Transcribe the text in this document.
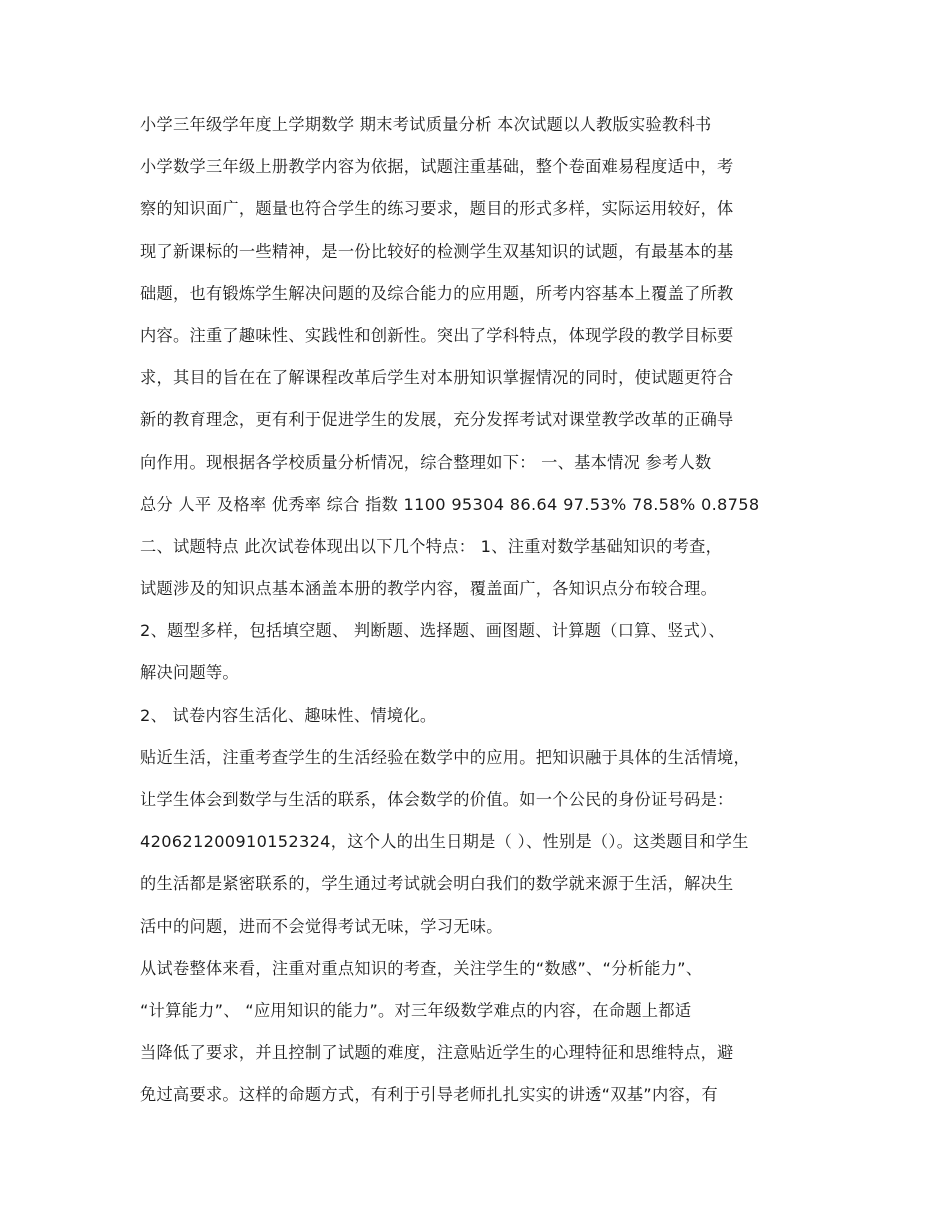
小学三年级学年度上学期数学 期末考试质量分析 本次试题以人教版实验教科书
小学数学三年级上册教学内容为依据，试题注重基础，整个卷面难易程度适中，考
察的知识面广，题量也符合学生的练习要求，题目的形式多样，实际运用较好，体
现了新课标的一些精神，是一份比较好的检测学生双基知识的试题，有最基本的基
础题，也有锻炼学生解决问题的及综合能力的应用题，所考内容基本上覆盖了所教
内容。注重了趣味性、实践性和创新性。突出了学科特点，体现学段的教学目标要
求，其目的旨在在了解课程改革后学生对本册知识掌握情况的同时，使试题更符合
新的教育理念，更有利于促进学生的发展，充分发挥考试对课堂教学改革的正确导
向作用。现根据各学校质量分析情况，综合整理如下： 一、基本情况 参考人数
总分 人平 及格率 优秀率 综合 指数 1100 95304 86.64 97.53% 78.58% 0.8758
二、试题特点 此次试卷体现出以下几个特点： 1、注重对数学基础知识的考查，
试题涉及的知识点基本涵盖本册的教学内容，覆盖面广，各知识点分布较合理。
2、题型多样，包括填空题、 判断题、选择题、画图题、计算题（口算、竖式）、
解决问题等。
2、 试卷内容生活化、趣味性、情境化。
贴近生活，注重考查学生的生活经验在数学中的应用。把知识融于具体的生活情境，
让学生体会到数学与生活的联系，体会数学的价值。如一个公民的身份证号码是：
420621200910152324，这个人的出生日期是（ ）、性别是（）。这类题目和学生
的生活都是紧密联系的，学生通过考试就会明白我们的数学就来源于生活，解决生
活中的问题，进而不会觉得考试无味，学习无味。
从试卷整体来看，注重对重点知识的考查，关注学生的“数感”、“分析能力”、
“计算能力”、 “应用知识的能力”。对三年级数学难点的内容，在命题上都适
当降低了要求，并且控制了试题的难度，注意贴近学生的心理特征和思维特点，避
免过高要求。这样的命题方式，有利于引导老师扎扎实实的讲透“双基”内容，有
